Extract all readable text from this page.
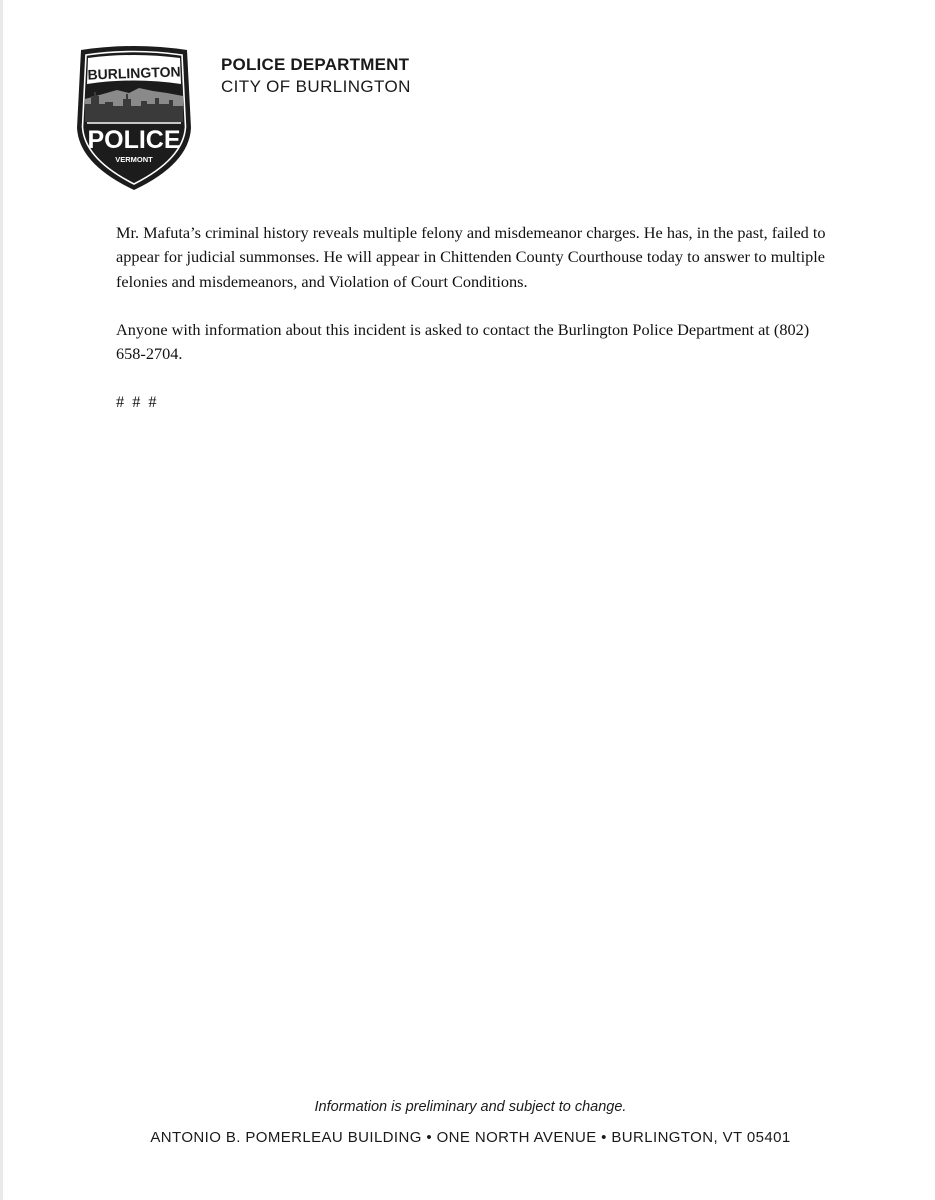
BURLINGTON
POLICE
VERMONT
POLICE DEPARTMENT
CITY OF BURLINGTON

Mr. Mafuta’s criminal history reveals multiple felony and misdemeanor charges. He has, in the past, failed to appear for judicial summonses. He will appear in Chittenden County Courthouse today to answer to multiple felonies and misdemeanors, and Violation of Court Conditions.

Anyone with information about this incident is asked to contact the Burlington Police Department at (802) 658-2704.

# # #

Information is preliminary and subject to change.
ANTONIO B. POMERLEAU BUILDING • ONE NORTH AVENUE • BURLINGTON, VT 05401
